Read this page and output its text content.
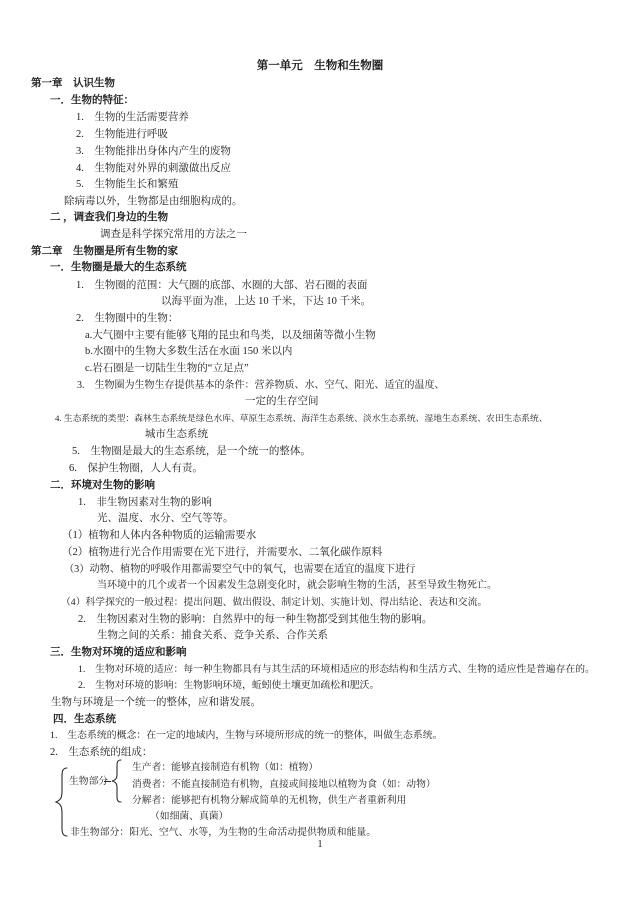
第一单元　生物和生物圈
第一章　认识生物
一．生物的特征：
1.　生物的生活需要营养
2.　生物能进行呼吸
3.　生物能排出身体内产生的废物
4.　生物能对外界的刺激做出反应
5.　生物能生长和繁殖
除病毒以外，生物都是由细胞构成的。
二 ，调查我们身边的生物
调查是科学探究常用的方法之一
第二章　生物圈是所有生物的家
一．生物圈是最大的生态系统
1.　生物圈的范围：大气圈的底部、水圈的大部、岩石圈的表面
以海平面为准，上达 10 千米，下达 10 千米。
2.　生物圈中的生物：
a.大气圈中主要有能够飞翔的昆虫和鸟类，以及细菌等微小生物
b.水圈中的生物大多数生活在水面 150 米以内
c.岩石圈是一切陆生生物的“立足点”
3.　生物圈为生物生存提供基本的条件：营养物质、水、空气、阳光、适宜的温度、
一定的生存空间
4. 生态系统的类型：森林生态系统是绿色水库、草原生态系统、海洋生态系统、淡水生态系统、湿地生态系统、农田生态系统、
城市生态系统
5.　生物圈是最大的生态系统，是一个统一的整体。
6.　保护生物圈，人人有责。
二．环境对生物的影响
1.　非生物因素对生物的影响
光、温度、水分、空气等等。
（1）植物和人体内各种物质的运输需要水
（2）植物进行光合作用需要在光下进行，并需要水、二氧化碳作原料
（3）动物、植物的呼吸作用都需要空气中的氧气，也需要在适宜的温度下进行
当环境中的几个或者一个因素发生急剧变化时，就会影响生物的生活，甚至导致生物死亡。
（4）科学探究的一般过程：提出问题、做出假设、制定计划、实施计划、得出结论、表达和交流。
2.　生物因素对生物的影响：自然界中的每一种生物都受到其他生物的影响。
生物之间的关系：捕食关系、竞争关系、合作关系
三．生物对环境的适应和影响
1.　生物对环境的适应：每一种生物都具有与其生活的环境相适应的形态结构和生活方式、生物的适应性是普遍存在的。
2.　生物对环境的影响：生物影响环境，蚯蚓使土壤更加疏松和肥沃。
生物与环境是一个统一的整体，应和谐发展。
四．生态系统
1.　生态系统的概念：在一定的地域内，生物与环境所形成的统一的整体，叫做生态系统。
2.　生态系统的组成：
生物部分
生产者：能够直接制造有机物（如：植物）
消费者：不能直接制造有机物，直接或间接地以植物为食（如：动物）
分解者：能够把有机物分解成简单的无机物，供生产者重新利用
（如细菌、真菌）
非生物部分：阳光、空气、水等，为生物的生命活动提供物质和能量。
1
